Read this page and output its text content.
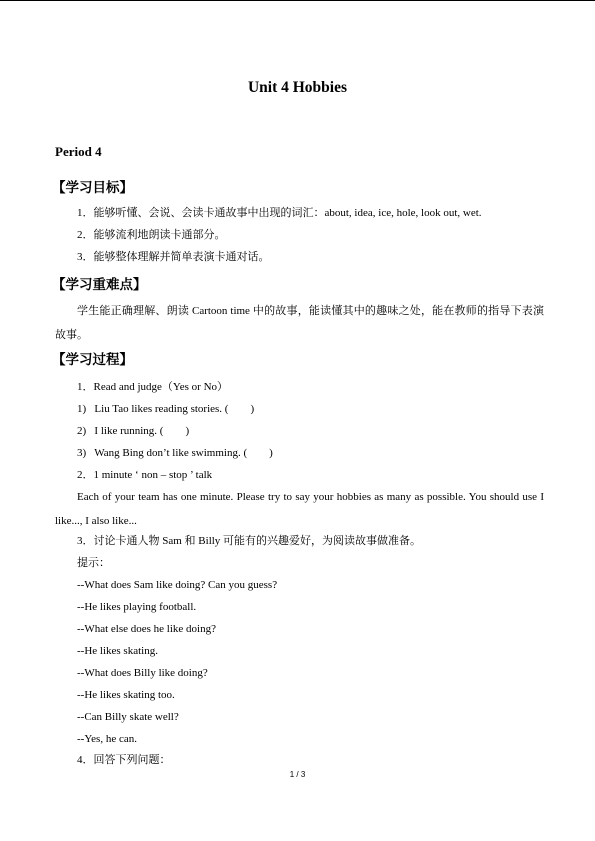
Unit 4 Hobbies
Period 4
【学习目标】
1．能够听懂、会说、会读卡通故事中出现的词汇：about, idea, ice, hole, look out, wet.
2．能够流利地朗读卡通部分。
3．能够整体理解并简单表演卡通对话。
【学习重难点】
学生能正确理解、朗读 Cartoon time 中的故事，能读懂其中的趣味之处，能在教师的指导下表演故事。
【学习过程】
1．Read and judge（Yes or No）
1) Liu Tao likes reading stories. ( )
2) I like running. ( )
3) Wang Bing don’t like swimming. ( )
2．1 minute ‘ non – stop ’ talk
Each of your team has one minute. Please try to say your hobbies as many as possible. You should use I like..., I also like...
3．讨论卡通人物 Sam 和 Billy 可能有的兴趣爱好，为阅读故事做准备。
提示：
--What does Sam like doing? Can you guess?
--He likes playing football.
--What else does he like doing?
--He likes skating.
--What does Billy like doing?
--He likes skating too.
--Can Billy skate well?
--Yes, he can.
4．回答下列问题：
1 / 3
